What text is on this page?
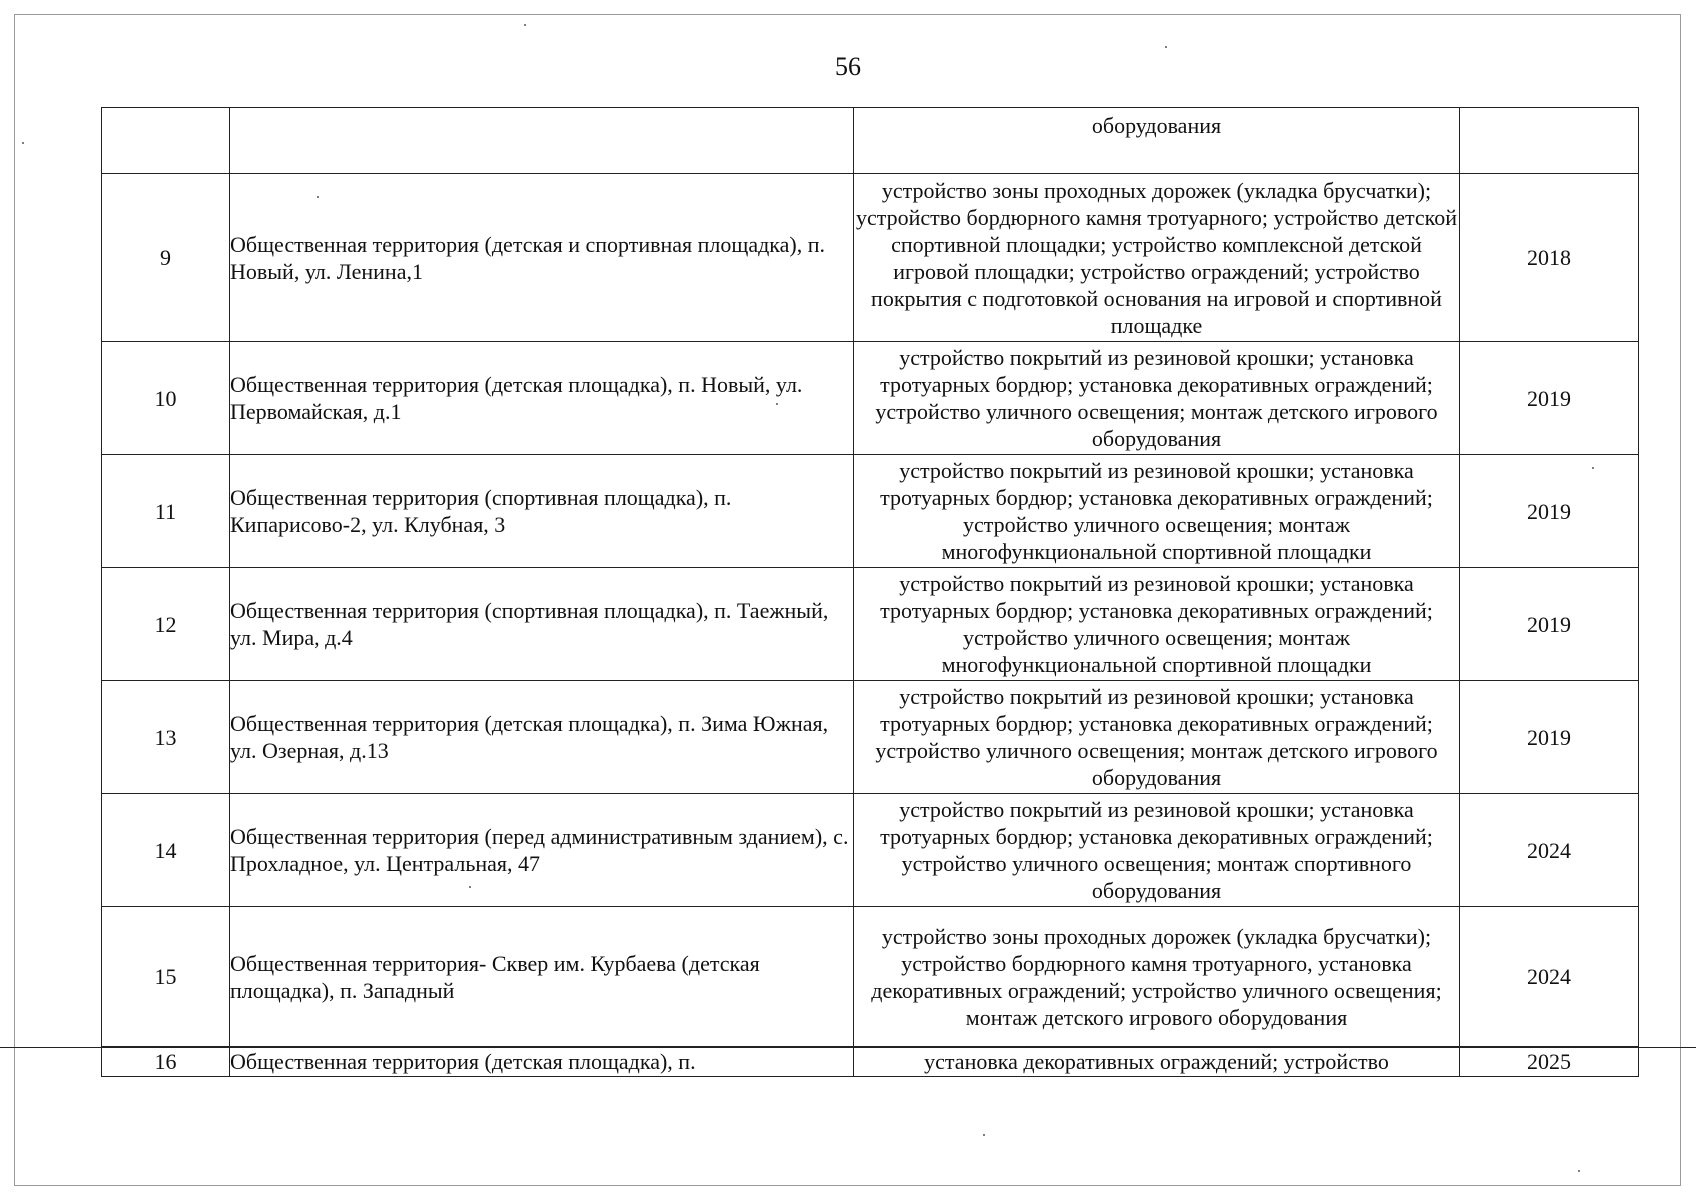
56
		оборудования	
9	Общественная территория (детская и спортивная площадка), п. Новый, ул. Ленина,1	устройство зоны проходных дорожек (укладка брусчатки); устройство бордюрного камня тротуарного; устройство детской спортивной площадки; устройство комплексной детской игровой площадки; устройство ограждений; устройство покрытия с подготовкой основания на игровой и спортивной площадке	2018
10	Общественная территория (детская площадка), п. Новый, ул. Первомайская, д.1	устройство покрытий из резиновой крошки; установка тротуарных бордюр; установка декоративных ограждений; устройство уличного освещения; монтаж детского игрового оборудования	2019
11	Общественная территория (спортивная площадка), п. Кипарисово-2, ул. Клубная, 3	устройство покрытий из резиновой крошки; установка тротуарных бордюр; установка декоративных ограждений; устройство уличного освещения; монтаж многофункциональной спортивной площадки	2019
12	Общественная территория (спортивная площадка), п. Таежный, ул. Мира, д.4	устройство покрытий из резиновой крошки; установка тротуарных бордюр; установка декоративных ограждений; устройство уличного освещения; монтаж многофункциональной спортивной площадки	2019
13	Общественная территория (детская площадка), п. Зима Южная, ул. Озерная, д.13	устройство покрытий из резиновой крошки; установка тротуарных бордюр; установка декоративных ограждений; устройство уличного освещения; монтаж детского игрового оборудования	2019
14	Общественная территория (перед административным зданием), с. Прохладное, ул. Центральная, 47	устройство покрытий из резиновой крошки; установка тротуарных бордюр; установка декоративных ограждений; устройство уличного освещения; монтаж спортивного оборудования	2024
15	Общественная территория- Сквер им. Курбаева (детская площадка), п. Западный	устройство зоны проходных дорожек (укладка брусчатки); устройство бордюрного камня тротуарного, установка декоративных ограждений; устройство уличного освещения; монтаж детского игрового оборудования	2024
16	Общественная территория (детская площадка), п.	установка декоративных ограждений; устройство	2025
